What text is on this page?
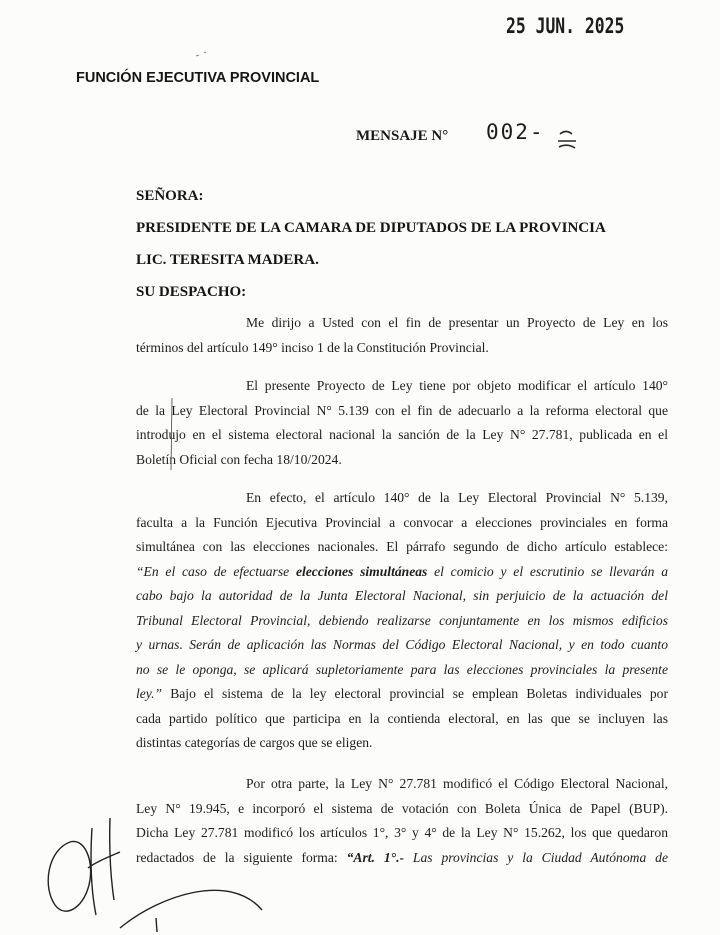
25 JUN. 2025
FUNCIÓN EJECUTIVA PROVINCIAL
MENSAJE N° 002-
SEÑORA:
PRESIDENTE DE LA CAMARA DE DIPUTADOS DE LA PROVINCIA
LIC. TERESITA MADERA.
SU DESPACHO:
Me dirijo a Usted con el fin de presentar un Proyecto de Ley en los
términos del artículo 149° inciso 1 de la Constitución Provincial.
El presente Proyecto de Ley tiene por objeto modificar el artículo 140°
de la Ley Electoral Provincial N° 5.139 con el fin de adecuarlo a la reforma electoral que
introdujo en el sistema electoral nacional la sanción de la Ley N° 27.781, publicada en el
Boletín Oficial con fecha 18/10/2024.
En efecto, el artículo 140° de la Ley Electoral Provincial N° 5.139,
faculta a la Función Ejecutiva Provincial a convocar a elecciones provinciales en forma
simultánea con las elecciones nacionales. El párrafo segundo de dicho artículo establece:
“En el caso de efectuarse elecciones simultáneas el comicio y el escrutinio se llevarán a
cabo bajo la autoridad de la Junta Electoral Nacional, sin perjuicio de la actuación del
Tribunal Electoral Provincial, debiendo realizarse conjuntamente en los mismos edificios
y urnas. Serán de aplicación las Normas del Código Electoral Nacional, y en todo cuanto
no se le oponga, se aplicará supletoriamente para las elecciones provinciales la presente
ley.” Bajo el sistema de la ley electoral provincial se emplean Boletas individuales por
cada partido político que participa en la contienda electoral, en las que se incluyen las
distintas categorías de cargos que se eligen.
Por otra parte, la Ley N° 27.781 modificó el Código Electoral Nacional,
Ley N° 19.945, e incorporó el sistema de votación con Boleta Única de Papel (BUP).
Dicha Ley 27.781 modificó los artículos 1°, 3° y 4° de la Ley N° 15.262, los que quedaron
redactados de la siguiente forma: “Art. 1°.- Las provincias y la Ciudad Autónoma de
